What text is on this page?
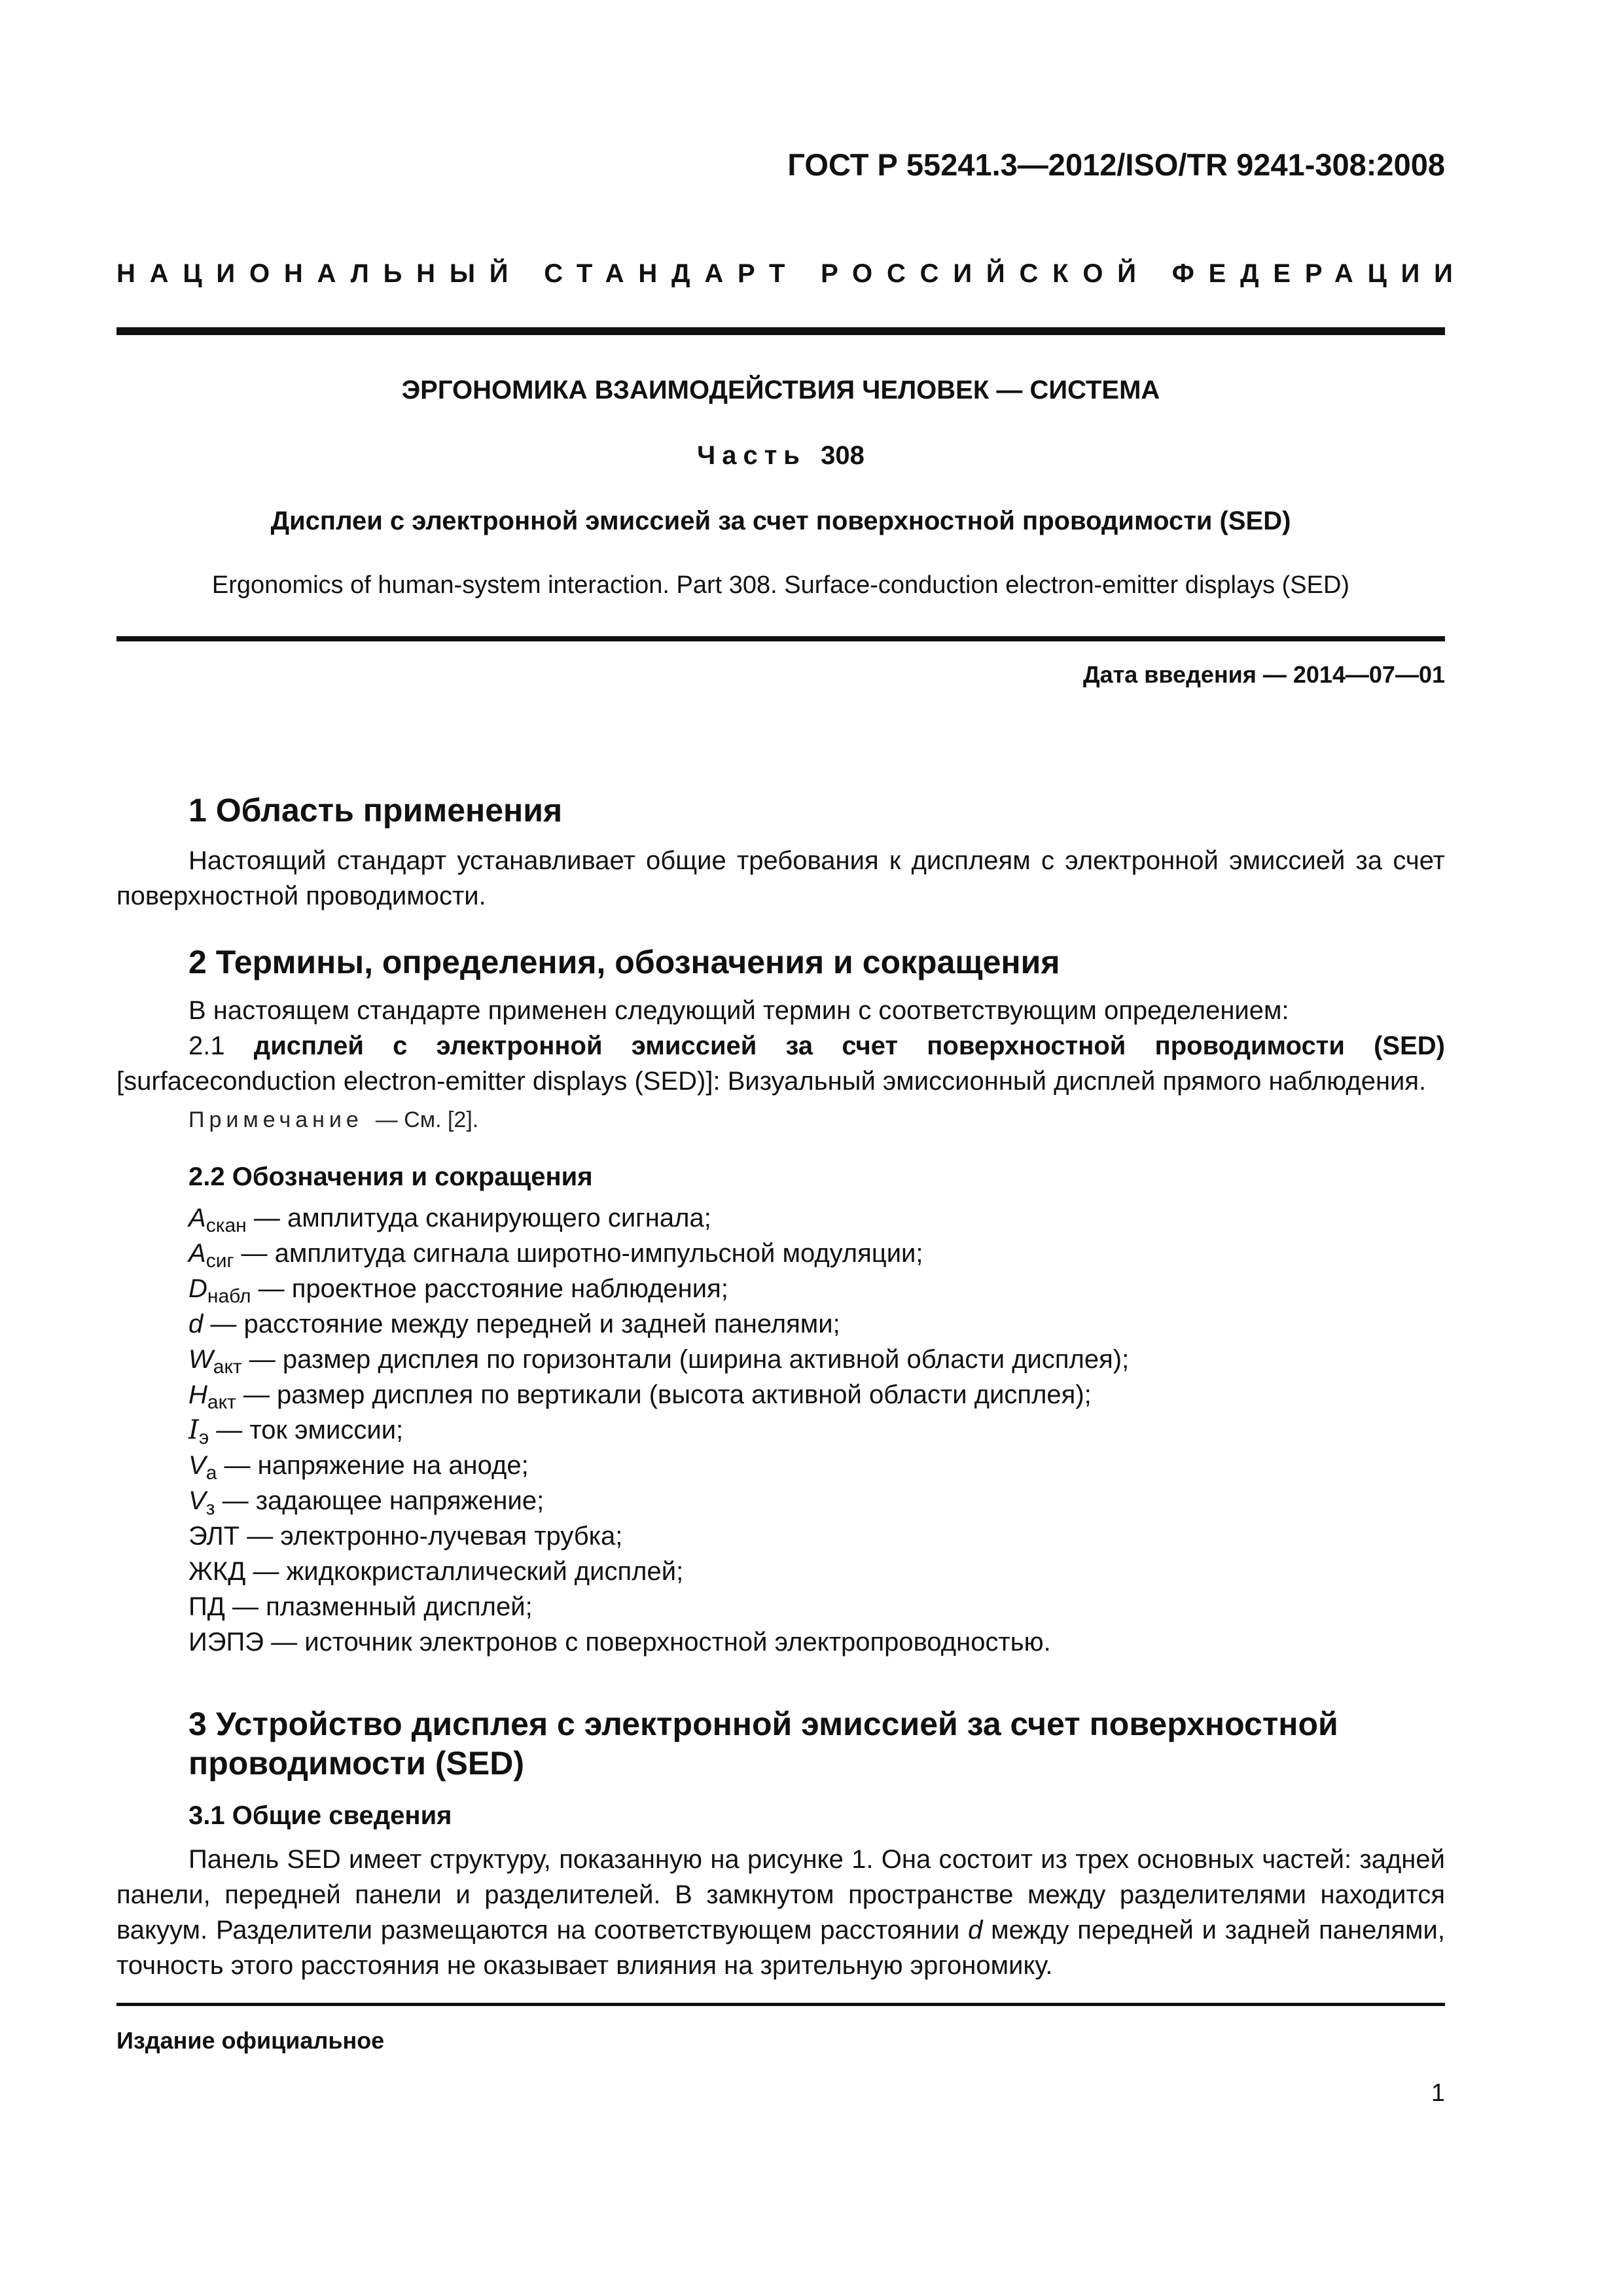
ГОСТ Р 55241.3—2012/ISO/TR 9241-308:2008
НАЦИОНАЛЬНЫЙ СТАНДАРТ РОССИЙСКОЙ ФЕДЕРАЦИИ
ЭРГОНОМИКА ВЗАИМОДЕЙСТВИЯ ЧЕЛОВЕК — СИСТЕМА
Часть 308
Дисплеи с электронной эмиссией за счет поверхностной проводимости (SED)
Ergonomics of human-system interaction. Part 308. Surface-conduction electron-emitter displays (SED)
Дата введения — 2014—07—01
1 Область применения
Настоящий стандарт устанавливает общие требования к дисплеям с электронной эмиссией за счет поверхностной проводимости.
2 Термины, определения, обозначения и сокращения
В настоящем стандарте применен следующий термин с соответствующим определением:
2.1 дисплей с электронной эмиссией за счет поверхностной проводимости (SED) [surfaceconduction electron-emitter displays (SED)]: Визуальный эмиссионный дисплей прямого наблюдения.
Примечание — См. [2].
2.2 Обозначения и сокращения
$A_{скан}$ — амплитуда сканирующего сигнала;
$A_{сиг}$ — амплитуда сигнала широтно-импульсной модуляции;
$D_{набл}$ — проектное расстояние наблюдения;
d — расстояние между передней и задней панелями;
$W_{акт}$ — размер дисплея по горизонтали (ширина активной области дисплея);
$H_{акт}$ — размер дисплея по вертикали (высота активной области дисплея);
$I_э$ — ток эмиссии;
$V_а$ — напряжение на аноде;
$V_з$ — задающее напряжение;
ЭЛТ — электронно-лучевая трубка;
ЖКД — жидкокристаллический дисплей;
ПД — плазменный дисплей;
ИЭПЭ — источник электронов с поверхностной электропроводностью.
3 Устройство дисплея с электронной эмиссией за счет поверхностной
проводимости (SED)
3.1 Общие сведения
Панель SED имеет структуру, показанную на рисунке 1. Она состоит из трех основных частей: задней панели, передней панели и разделителей. В замкнутом пространстве между разделителями находится вакуум. Разделители размещаются на соответствующем расстоянии d между передней и задней панелями, точность этого расстояния не оказывает влияния на зрительную эргономику.
Издание официальное
1
